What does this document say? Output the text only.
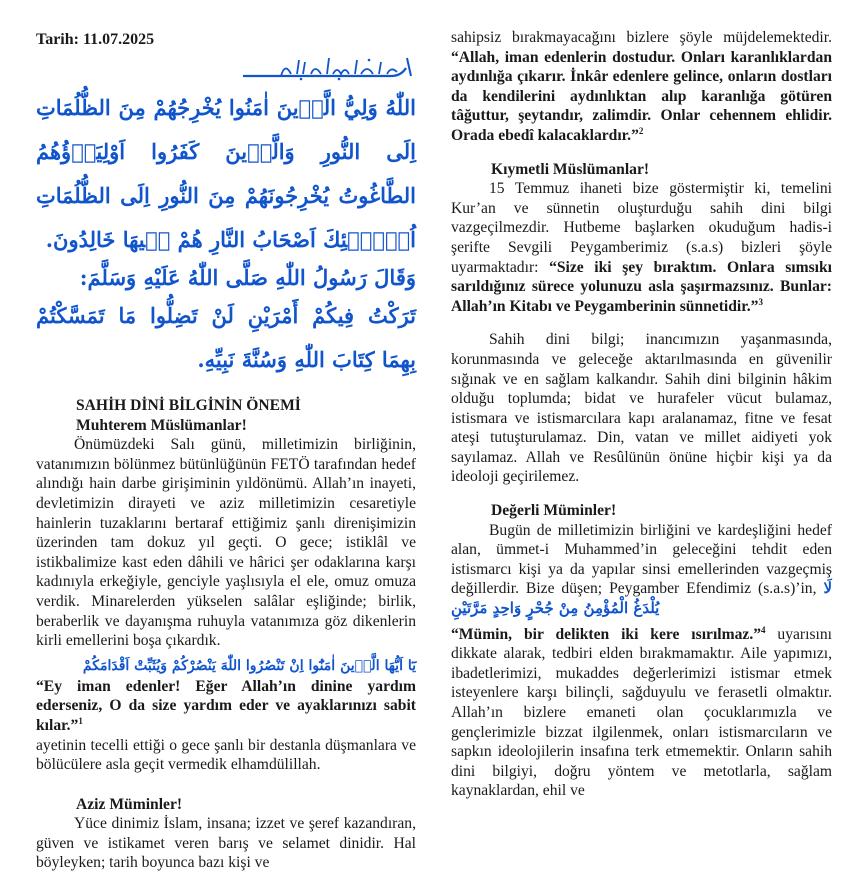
Tarih: 11.07.2025

اللّٰهُ وَلِيُّ الَّذٖينَ اٰمَنُوا يُخْرِجُهُمْ مِنَ الظُّلُمَاتِ اِلَى النُّورِ وَالَّذٖينَ كَفَرُوا اَوْلِيَاۤؤُهُمُ الطَّاغُوتُ يُخْرِجُونَهُمْ مِنَ النُّورِ اِلَى الظُّلُمَاتِ اُو۬لٰۤئِكَ اَصْحَابُ النَّارِ هُمْ فٖيهَا خَالِدُونَ.

وَقَالَ رَسُولُ اللّٰهِ صَلَّى اللّٰهُ عَلَيْهِ وَسَلَّمَ:

تَرَكْتُ فِيكُمْ أَمْرَيْنِ لَنْ تَضِلُّوا مَا تَمَسَّكْتُمْ بِهِمَا كِتَابَ اللّٰهِ وَسُنَّةَ نَبِيِّهِ.

SAHİH DİNİ BİLGİNİN ÖNEMİ
Muhterem Müslümanlar!

Önümüzdeki Salı günü, milletimizin birliğinin, vatanımızın bölünmez bütünlüğünün FETÖ tarafından hedef alındığı hain darbe girişiminin yıldönümü. Allah’ın inayeti, devletimizin dirayeti ve aziz milletimizin cesaretiyle hainlerin tuzaklarını bertaraf ettiğimiz şanlı direnişimizin üzerinden tam dokuz yıl geçti. O gece; istiklâl ve istikbalimize kast eden dâhili ve hârici şer odaklarına karşı kadınıyla erkeğiyle, genciyle yaşlısıyla el ele, omuz omuza verdik. Minarelerden yükselen salâlar eşliğinde; birlik, beraberlik ve dayanışma ruhuyla vatanımıza göz dikenlerin kirli emellerini boşa çıkardık.

يَٓا اَيُّهَا الَّذٖينَ اٰمَنُٓوا اِنْ تَنْصُرُوا اللّٰهَ يَنْصُرْكُمْ وَيُثَبِّتْ اَقْدَامَكُمْ

“Ey iman edenler! Eğer Allah’ın dinine yardım ederseniz, O da size yardım eder ve ayaklarınızı sabit kılar.”$^1$

ayetinin tecelli ettiği o gece şanlı bir destanla düşmanlara ve bölücülere asla geçit vermedik elhamdülillah.

Aziz Müminler!

Yüce dinimiz İslam, insana; izzet ve şeref kazandıran, güven ve istikamet veren barış ve selamet dinidir. Hal böyleyken; tarih boyunca bazı kişi ve

sahipsiz bırakmayacağını bizlere şöyle müjdelemektedir. “Allah, iman edenlerin dostudur. Onları karanlıklardan aydınlığa çıkarır. İnkâr edenlere gelince, onların dostları da kendilerini aydınlıktan alıp karanlığa götüren tâğuttur, şeytandır, zalimdir. Onlar cehennem ehlidir. Orada ebedî kalacaklardır.”$^2$

Kıymetli Müslümanlar!

15 Temmuz ihaneti bize göstermiştir ki, temelini Kur’an ve sünnetin oluşturduğu sahih dini bilgi vazgeçilmezdir. Hutbeme başlarken okuduğum hadis-i şerifte Sevgili Peygamberimiz (s.a.s) bizleri şöyle uyarmaktadır: “Size iki şey bıraktım. Onlara sımsıkı sarıldığınız sürece yolunuzu asla şaşırmazsınız. Bunlar: Allah’ın Kitabı ve Peygamberinin sünnetidir.”$^3$

Sahih dini bilgi; inancımızın yaşanmasında, korunmasında ve geleceğe aktarılmasında en güvenilir sığınak ve en sağlam kalkandır. Sahih dini bilginin hâkim olduğu toplumda; bidat ve hurafeler vücut bulamaz, istismara ve istismarcılara kapı aralanamaz, fitne ve fesat ateşi tutuşturulamaz. Din, vatan ve millet aidiyeti yok sayılamaz. Allah ve Resûlünün önüne hiçbir kişi ya da ideoloji geçirilemez.

Değerli Müminler!

Bugün de milletimizin birliğini ve kardeşliğini hedef alan, ümmet-i Muhammed’in geleceğini tehdit eden istismarcı kişi ya da yapılar sinsi emellerinden vazgeçmiş değillerdir. Bize düşen; Peygamber Efendimiz (s.a.s)’in, لَا يُلْدَغُ الْمُؤْمِنُ مِنْ جُحْرٍ وَاحِدٍ مَرَّتَيْنِ

“Mümin, bir delikten iki kere ısırılmaz.”$^4$ uyarısını dikkate alarak, tedbiri elden bırakmamaktır. Aile yapımızı, ibadetlerimizi, mukaddes değerlerimizi istismar etmek isteyenlere karşı bilinçli, sağduyulu ve ferasetli olmaktır. Allah’ın bizlere emaneti olan çocuklarımızla ve gençlerimizle bizzat ilgilenmek, onları istismarcıların ve sapkın ideolojilerin insafına terk etmemektir. Onların sahih dini bilgiyi, doğru yöntem ve metotlarla, sağlam kaynaklardan, ehil ve
